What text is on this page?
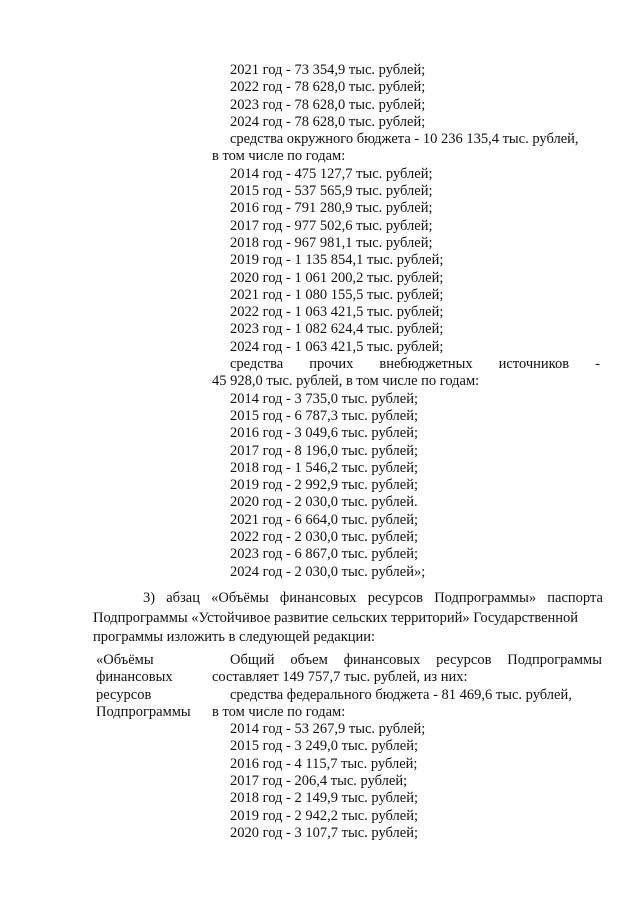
2021 год - 73 354,9 тыс. рублей;
2022 год - 78 628,0 тыс. рублей;
2023 год - 78 628,0 тыс. рублей;
2024 год - 78 628,0 тыс. рублей;
средства окружного бюджета - 10 236 135,4 тыс. рублей,
в том числе по годам:
2014 год - 475 127,7 тыс. рублей;
2015 год - 537 565,9 тыс. рублей;
2016 год - 791 280,9 тыс. рублей;
2017 год - 977 502,6 тыс. рублей;
2018 год - 967 981,1 тыс. рублей;
2019 год - 1 135 854,1 тыс. рублей;
2020 год - 1 061 200,2 тыс. рублей;
2021 год - 1 080 155,5 тыс. рублей;
2022 год - 1 063 421,5 тыс. рублей;
2023 год - 1 082 624,4 тыс. рублей;
2024 год - 1 063 421,5 тыс. рублей;
средства прочих внебюджетных источников -
45 928,0 тыс. рублей, в том числе по годам:
2014 год - 3 735,0 тыс. рублей;
2015 год - 6 787,3 тыс. рублей;
2016 год - 3 049,6 тыс. рублей;
2017 год - 8 196,0 тыс. рублей;
2018 год - 1 546,2 тыс. рублей;
2019 год - 2 992,9 тыс. рублей;
2020 год - 2 030,0 тыс. рублей.
2021 год - 6 664,0 тыс. рублей;
2022 год - 2 030,0 тыс. рублей;
2023 год - 6 867,0 тыс. рублей;
2024 год - 2 030,0 тыс. рублей»;
3) абзац «Объёмы финансовых ресурсов Подпрограммы» паспорта
Подпрограммы «Устойчивое развитие сельских территорий» Государственной
программы изложить в следующей редакции:
«Объёмы
финансовых
ресурсов
Подпрограммы
Общий объем финансовых ресурсов Подпрограммы
составляет 149 757,7 тыс. рублей, из них:
средства федерального бюджета - 81 469,6 тыс. рублей,
в том числе по годам:
2014 год - 53 267,9 тыс. рублей;
2015 год - 3 249,0 тыс. рублей;
2016 год - 4 115,7 тыс. рублей;
2017 год - 206,4 тыс. рублей;
2018 год - 2 149,9 тыс. рублей;
2019 год - 2 942,2 тыс. рублей;
2020 год - 3 107,7 тыс. рублей;
